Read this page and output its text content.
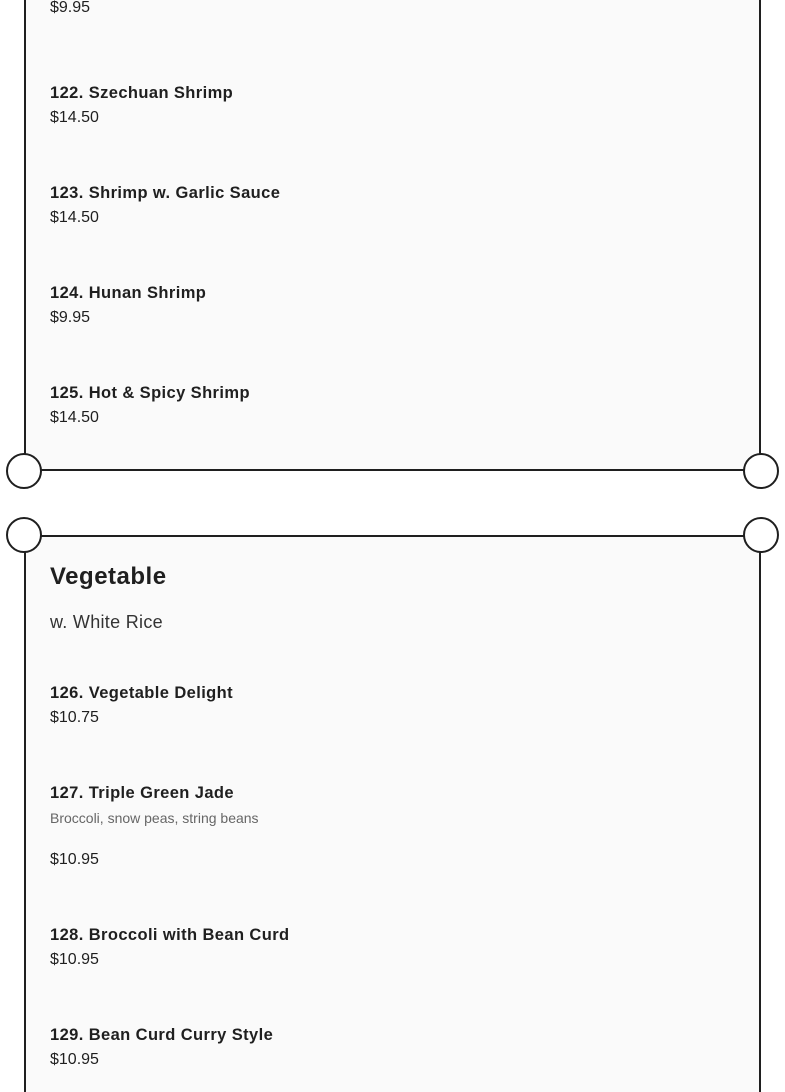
$9.95
122. Szechuan Shrimp
$14.50
123. Shrimp w. Garlic Sauce
$14.50
124. Hunan Shrimp
$9.95
125. Hot & Spicy Shrimp
$14.50
Vegetable
w. White Rice
126. Vegetable Delight
$10.75
127. Triple Green Jade
Broccoli, snow peas, string beans
$10.95
128. Broccoli with Bean Curd
$10.95
129. Bean Curd Curry Style
$10.95
